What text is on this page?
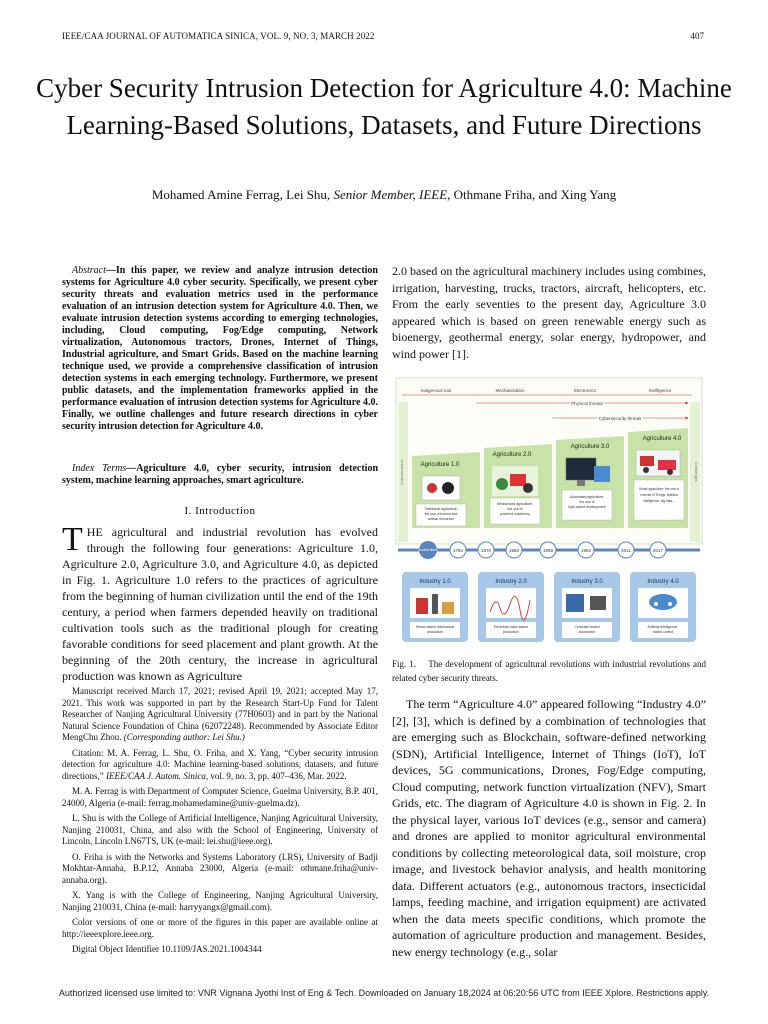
IEEE/CAA JOURNAL OF AUTOMATICA SINICA, VOL. 9, NO. 3, MARCH 2022	407
Cyber Security Intrusion Detection for Agriculture 4.0: Machine Learning-Based Solutions, Datasets, and Future Directions
Mohamed Amine Ferrag, Lei Shu, Senior Member, IEEE, Othmane Friha, and Xing Yang
Abstract—In this paper, we review and analyze intrusion detection systems for Agriculture 4.0 cyber security. Specifically, we present cyber security threats and evaluation metrics used in the performance evaluation of an intrusion detection system for Agriculture 4.0. Then, we evaluate intrusion detection systems according to emerging technologies, including, Cloud computing, Fog/Edge computing, Network virtualization, Autonomous tractors, Drones, Internet of Things, Industrial agriculture, and Smart Grids. Based on the machine learning technique used, we provide a comprehensive classification of intrusion detection systems in each emerging technology. Furthermore, we present public datasets, and the implementation frameworks applied in the performance evaluation of intrusion detection systems for Agriculture 4.0. Finally, we outline challenges and future research directions in cyber security intrusion detection for Agriculture 4.0.
Index Terms—Agriculture 4.0, cyber security, intrusion detection system, machine learning approaches, smart agriculture.
I. Introduction
THE agricultural and industrial revolution has evolved through the following four generations: Agriculture 1.0, Agriculture 2.0, Agriculture 3.0, and Agriculture 4.0, as depicted in Fig. 1. Agriculture 1.0 refers to the practices of agriculture from the beginning of human civilization until the end of the 19th century, a period when farmers depended heavily on traditional cultivation tools such as the traditional plough for creating favorable conditions for seed placement and plant growth. At the beginning of the 20th century, the increase in agricultural production was known as Agriculture

Manuscript received March 17, 2021; revised April 19, 2021; accepted May 17, 2021. This work was supported in part by the Research Start-Up Fund for Talent Researcher of Nanjing Agricultural University (77H0603) and in part by the National Natural Science Foundation of China (62072248). Recommended by Associate Editor MengChu Zhou. (Corresponding author: Lei Shu.)

Citation: M. A. Ferrag, L. Shu, O. Friha, and X. Yang, “Cyber security intrusion detection for agriculture 4.0: Machine learning-based solutions, datasets, and future directions,” IEEE/CAA J. Autom. Sinica, vol. 9, no. 3, pp. 407–436, Mar. 2022.

M. A. Ferrag is with Department of Computer Science, Guelma University, B.P. 401, 24000, Algeria (e-mail: ferrag.mohamedamine@univ-guelma.dz).

L. Shu is with the College of Artificial Intelligence, Nanjing Agricultural University, Nanjing 210031, China, and also with the School of Engineering, University of Lincoln, Lincoln LN67TS, UK (e-mail: lei.shu@ieee.org).

O. Friha is with the Networks and Systems Laboratory (LRS), University of Badji Mokhtar-Annaba, B.P.12, Annaba 23000, Algeria (e-mail: othmane.friha@univ-annaba.org).

X. Yang is with the College of Engineering, Nanjing Agricultural University, Nanjing 210031, China (e-mail: harryyangx@gmail.com).

Color versions of one or more of the figures in this paper are available online at http://ieeexplore.ieee.org.

Digital Object Identifier 10.1109/JAS.2021.1004344

2.0 based on the agricultural machinery includes using combines, irrigation, harvesting, trucks, tractors, aircraft, helicopters, etc. From the early seventies to the present day, Agriculture 3.0 appeared which is based on green renewable energy such as bioenergy, geothermal energy, solar energy, hydropower, and wind power [1].
Improvements	Challenges
Indigenous tool	Mechanization	Electronics	Intelligence
Physical threats
Cybersecurity threats
Agriculture 1.0
Agriculture 2.0
Agriculture 3.0
Agriculture 4.0
Traditional agriculture:
the use of human and
animal resources
Mechanized agriculture:
the use of
powered machinery
Automated agriculture:
the use of
high-speed development
Smart agriculture: the use of
Internet of Things, artificial
intelligence, big data...
Ancient times	1784	1870	1950	1969	1992	2011	2017
Industry 1.0
Steam-based mechanical
production
Industry 2.0
Electricity mass-based
production
Industry 3.0
Controller-based
automation
Industry 4.0
Artificial intelligence-
based control
Fig. 1. The development of agricultural revolutions with industrial revolutions and related cyber security threats.
The term “Agriculture 4.0” appeared following “Industry 4.0” [2], [3], which is defined by a combination of technologies that are emerging such as Blockchain, software-defined networking (SDN), Artificial Intelligence, Internet of Things (IoT), IoT devices, 5G communications, Drones, Fog/Edge computing, Cloud computing, network function virtualization (NFV), Smart Grids, etc. The diagram of Agriculture 4.0 is shown in Fig. 2. In the physical layer, various IoT devices (e.g., sensor and camera) and drones are applied to monitor agricultural environmental conditions by collecting meteorological data, soil moisture, crop image, and livestock behavior analysis, and health monitoring data. Different actuators (e.g., autonomous tractors, insecticidal lamps, feeding machine, and irrigation equipment) are activated when the data meets specific conditions, which promote the automation of agriculture production and management. Besides, new energy technology (e.g., solar
Authorized licensed use limited to: VNR Vignana Jyothi Inst of Eng & Tech. Downloaded on January 18,2024 at 06:20:56 UTC from IEEE Xplore. Restrictions apply.
